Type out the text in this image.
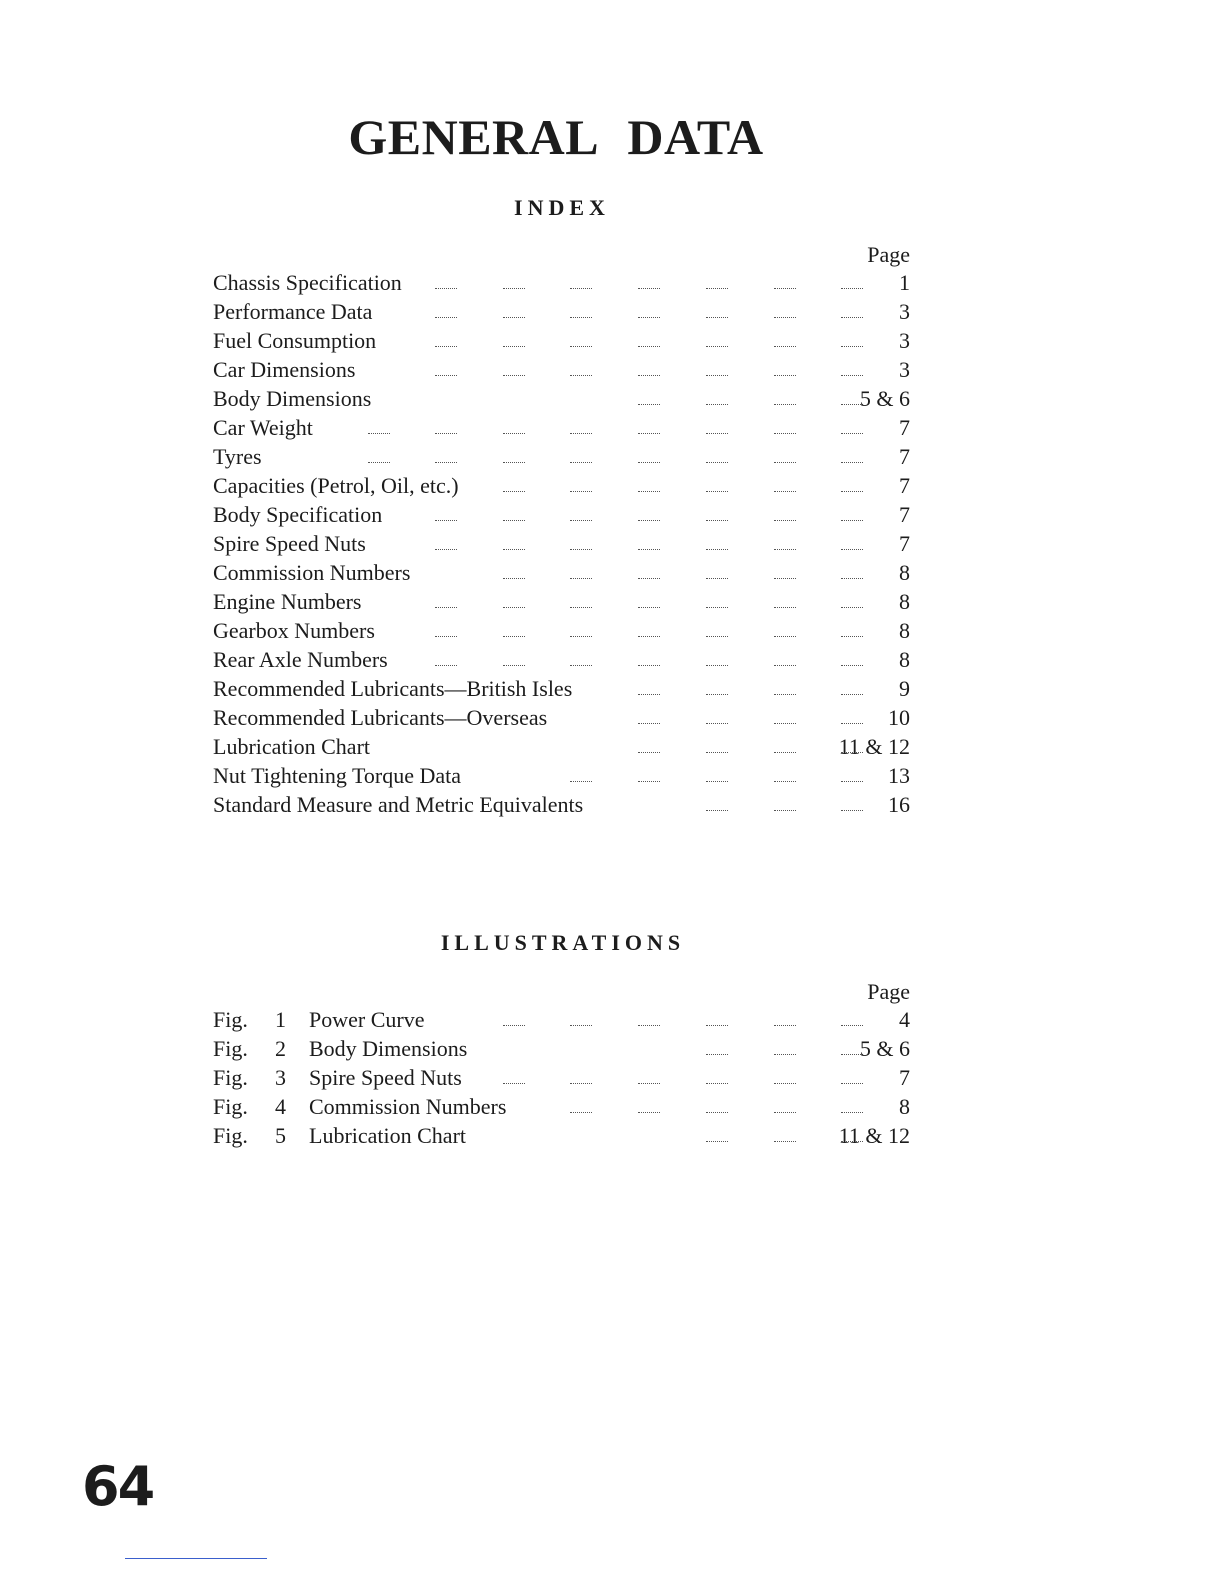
GENERAL DATA
INDEX
Page
Chassis Specification	1
Performance Data	3
Fuel Consumption	3
Car Dimensions	3
Body Dimensions	5 & 6
Car Weight	7
Tyres	7
Capacities (Petrol, Oil, etc.)	7
Body Specification	7
Spire Speed Nuts	7
Commission Numbers	8
Engine Numbers	8
Gearbox Numbers	8
Rear Axle Numbers	8
Recommended Lubricants—British Isles	9
Recommended Lubricants—Overseas	10
Lubrication Chart	11 & 12
Nut Tightening Torque Data	13
Standard Measure and Metric Equivalents	16
ILLUSTRATIONS
Page
Fig. 1 Power Curve	4
Fig. 2 Body Dimensions	5 & 6
Fig. 3 Spire Speed Nuts	7
Fig. 4 Commission Numbers	8
Fig. 5 Lubrication Chart	11 & 12
64
